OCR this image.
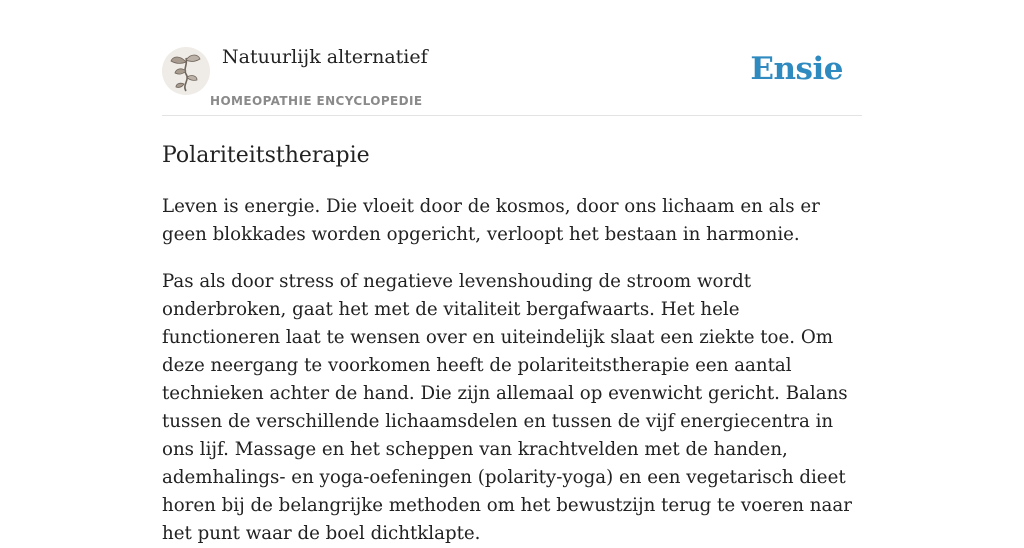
Natuurlijk alternatief
HOMEOPATHIE ENCYCLOPEDIE
Ensie
Polariteitstherapie

Leven is energie. Die vloeit door de kosmos, door ons lichaam en als er geen blokkades worden opgericht, verloopt het bestaan in harmonie.

Pas als door stress of negatieve levenshouding de stroom wordt onderbroken, gaat het met de vitaliteit bergafwaarts. Het hele functioneren laat te wensen over en uiteindelijk slaat een ziekte toe. Om deze neergang te voorkomen heeft de polariteitstherapie een aantal technieken achter de hand. Die zijn allemaal op evenwicht gericht. Balans tussen de verschillende lichaamsdelen en tussen de vijf energiecentra in ons lijf. Massage en het scheppen van krachtvelden met de handen, ademhalings- en yoga-oefeningen (polarity-yoga) en een vegetarisch dieet horen bij de belangrijke methoden om het bewustzijn terug te voeren naar het punt waar de boel dichtklapte.
